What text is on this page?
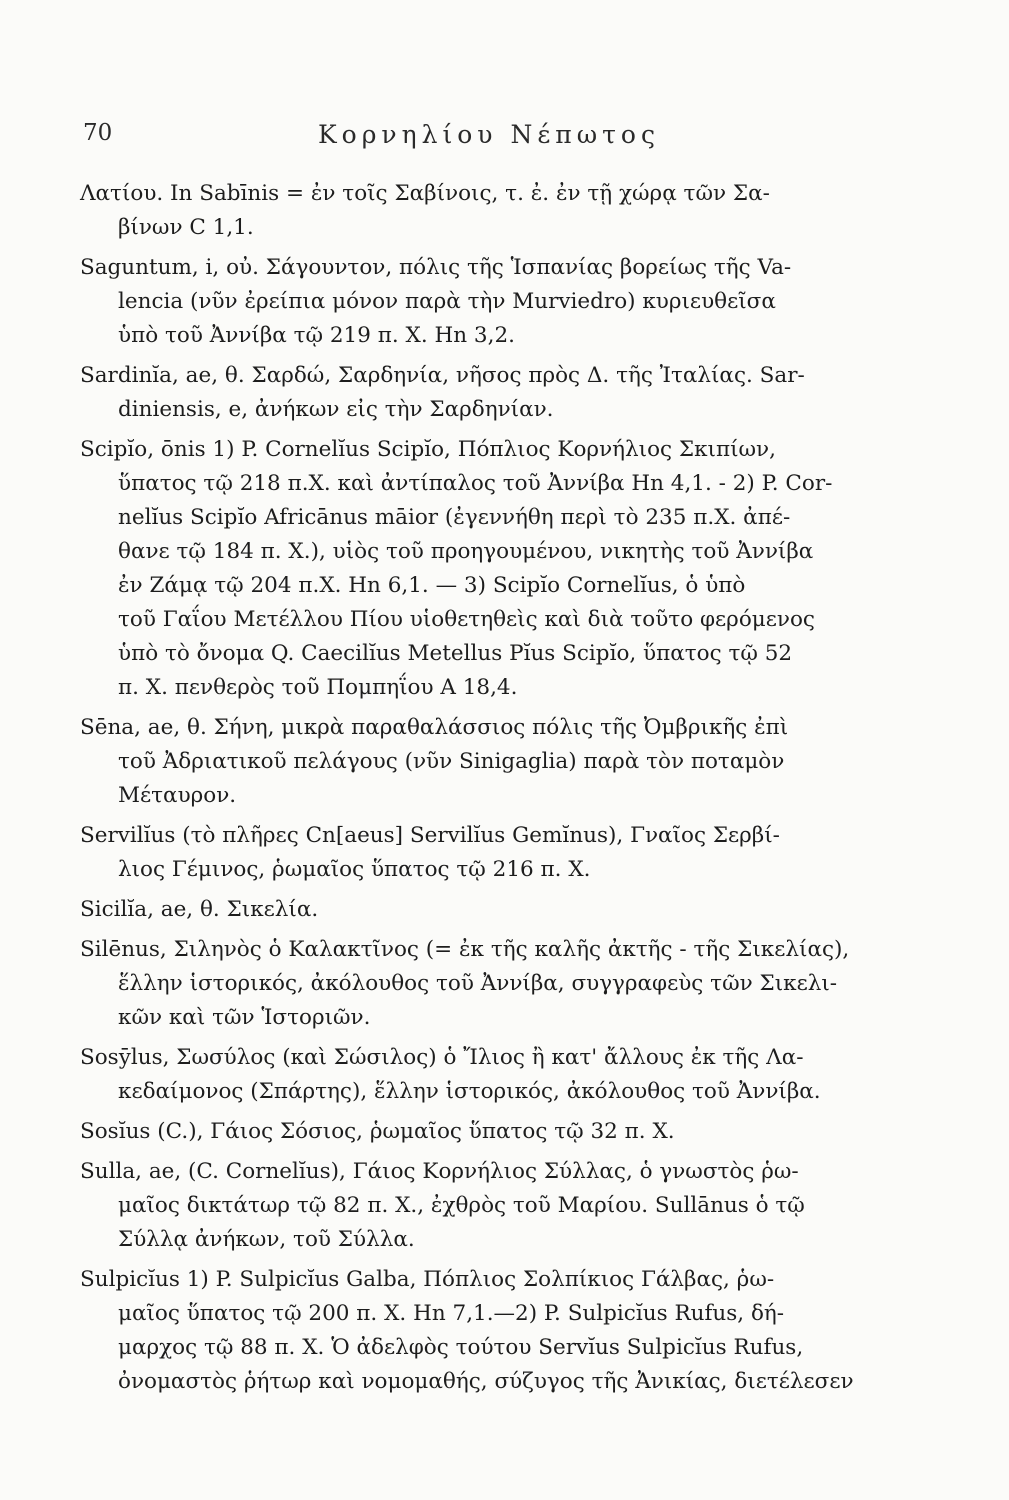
70	Κορνηλίου Νέπωτος
Λατίου. In Sabīnis = ἐν τοῖς Σαβίνοις, τ. ἐ. ἐν τῇ χώρᾳ τῶν Σα-
βίνων C 1,1.
Saguntum, i, οὐ. Σάγουντον, πόλις τῆς Ἱσπανίας βορείως τῆς Va-
lencia (νῦν ἐρείπια μόνον παρὰ τὴν Murviedro) κυριευθεῖσα
ὑπὸ τοῦ Ἀννίβα τῷ 219 π. Χ. Hn 3,2.
Sardinĭa, ae, θ. Σαρδώ, Σαρδηνία, νῆσος πρὸς Δ. τῆς Ἰταλίας. Sar-
diniensis, e, ἀνήκων εἰς τὴν Σαρδηνίαν.
Scipĭo, ōnis 1) P. Cornelĭus Scipĭo, Πόπλιος Κορνήλιος Σκιπίων,
ὕπατος τῷ 218 π.Χ. καὶ ἀντίπαλος τοῦ Ἀννίβα Hn 4,1. - 2) P. Cor-
nelĭus Scipĭo Africānus māior (ἐγεννήθη περὶ τὸ 235 π.Χ. ἀπέ-
θανε τῷ 184 π. Χ.), υἱὸς τοῦ προηγουμένου, νικητὴς τοῦ Ἀννίβα
ἐν Ζάμᾳ τῷ 204 π.Χ. Hn 6,1. — 3) Scipĭo Cornelĭus, ὁ ὑπὸ
τοῦ Γαΐου Μετέλλου Πίου υἱοθετηθεὶς καὶ διὰ τοῦτο φερόμενος
ὑπὸ τὸ ὄνομα Q. Caecilĭus Metellus Pĭus Scipĭo, ὕπατος τῷ 52
π. Χ. πενθερὸς τοῦ Πομπηΐου A 18,4.
Sēna, ae, θ. Σήνη, μικρὰ παραθαλάσσιος πόλις τῆς Ὀμβρικῆς ἐπὶ
τοῦ Ἀδριατικοῦ πελάγους (νῦν Sinigaglia) παρὰ τὸν ποταμὸν
Μέταυρον.
Servilĭus (τὸ πλῆρες Cn[aeus] Servilĭus Gemĭnus), Γναῖος Σερβί-
λιος Γέμινος, ῥωμαῖος ὕπατος τῷ 216 π. Χ.
Sicilĭa, ae, θ. Σικελία.
Silēnus, Σιληνὸς ὁ Καλακτῖνος (= ἐκ τῆς καλῆς ἀκτῆς - τῆς Σικελίας),
ἕλλην ἱστορικός, ἀκόλουθος τοῦ Ἀννίβα, συγγραφεὺς τῶν Σικελι-
κῶν καὶ τῶν Ἱστοριῶν.
Sosȳlus, Σωσύλος (καὶ Σώσιλος) ὁ Ἴλιος ἢ κατ' ἄλλους ἐκ τῆς Λα-
κεδαίμονος (Σπάρτης), ἕλλην ἱστορικός, ἀκόλουθος τοῦ Ἀννίβα.
Sosĭus (C.), Γάιος Σόσιος, ῥωμαῖος ὕπατος τῷ 32 π. Χ.
Sulla, ae, (C. Cornelĭus), Γάιος Κορνήλιος Σύλλας, ὁ γνωστὸς ῥω-
μαῖος δικτάτωρ τῷ 82 π. Χ., ἐχθρὸς τοῦ Μαρίου. Sullānus ὁ τῷ
Σύλλᾳ ἀνήκων, τοῦ Σύλλα.
Sulpicĭus 1) P. Sulpicĭus Galba, Πόπλιος Σολπίκιος Γάλβας, ῥω-
μαῖος ὕπατος τῷ 200 π. Χ. Hn 7,1.—2) P. Sulpicĭus Rufus, δή-
μαρχος τῷ 88 π. Χ. Ὁ ἀδελφὸς τούτου Servĭus Sulpicĭus Rufus,
ὀνομαστὸς ῥήτωρ καὶ νομομαθής, σύζυγος τῆς Ἀνικίας, διετέλεσεν
